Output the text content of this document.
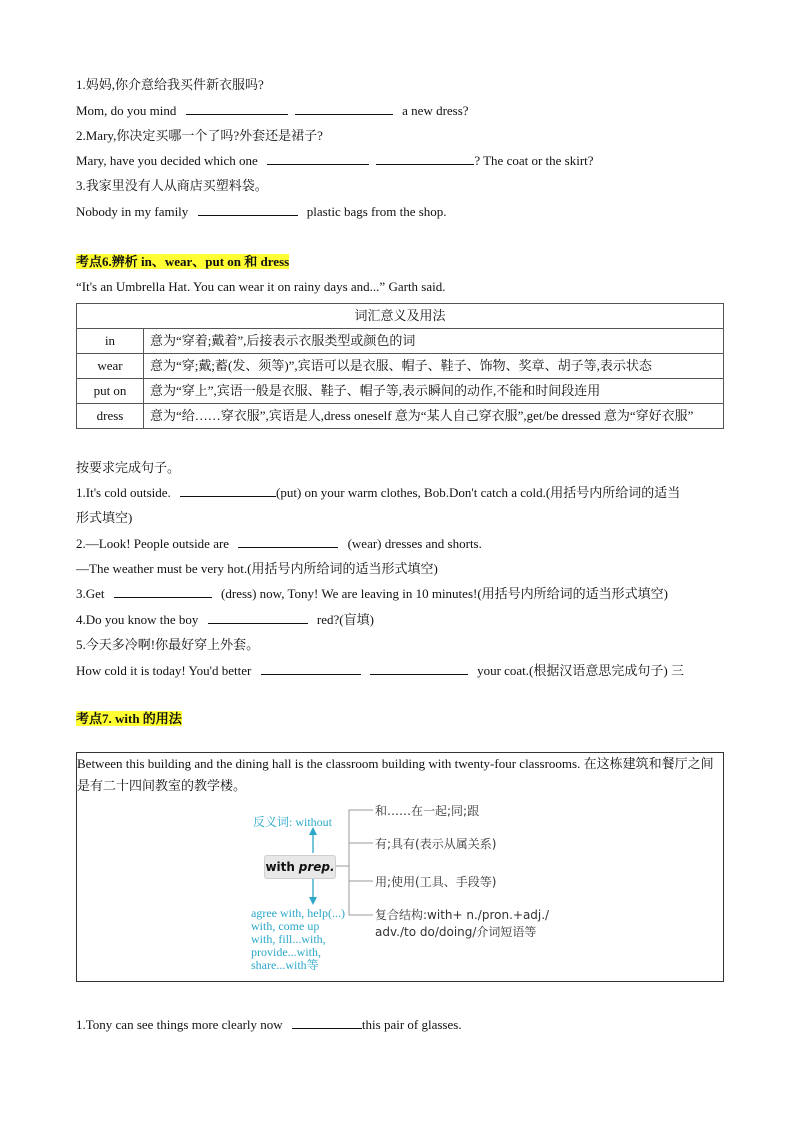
1.妈妈,你介意给我买件新衣服吗?
Mom, do you mind	a new dress?
2.Mary,你决定买哪一个了吗?外套还是裙子?
Mary, have you decided which one	? The coat or the skirt?
3.我家里没有人从商店买塑料袋。
Nobody in my family	plastic bags from the shop.
考点6.辨析 in、wear、put on 和 dress
“It's an Umbrella Hat. You can wear it on rainy days and...” Garth said.
词汇意义及用法	
in	意为“穿着;戴着”,后接表示衣服类型或颜色的词
wear	意为“穿;戴;蓄(发、须等)”,宾语可以是衣服、帽子、鞋子、饰物、奖章、胡子等,表示状态
put on	意为“穿上”,宾语一般是衣服、鞋子、帽子等,表示瞬间的动作,不能和时间段连用
dress	意为“给……穿衣服”,宾语是人,dress oneself 意为“某人自己穿衣服”,get/be dressed 意为“穿好衣服”
按要求完成句子。
1.It's cold outside.	(put) on your warm clothes, Bob.Don't catch a cold.(用括号内所给词的适当
形式填空)
2.—Look! People outside are	(wear) dresses and shorts.
—The weather must be very hot.(用括号内所给词的适当形式填空)
3.Get	(dress) now, Tony! We are leaving in 10 minutes!(用括号内所给词的适当形式填空)
4.Do you know the boy	red?(盲填)
5.今天多冷啊!你最好穿上外套。
How cold it is today! You'd better	your coat.(根据汉语意思完成句子) 三
考点7. with 的用法
Between this building and the dining hall is the classroom building with twenty-four classrooms. 在这栋建筑和餐厅之间是有二十四间教室的教学楼。
反义词: without
with prep.
agree with, help(...)
with, come up
with, fill...with,
provide...with,
share...with等
和……在一起;同;跟
有;具有(表示从属关系)
用;使用(工具、手段等)
复合结构:with+ n./pron.+adj./
adv./to do/doing/介词短语等
1.Tony can see things more clearly now	this pair of glasses.
